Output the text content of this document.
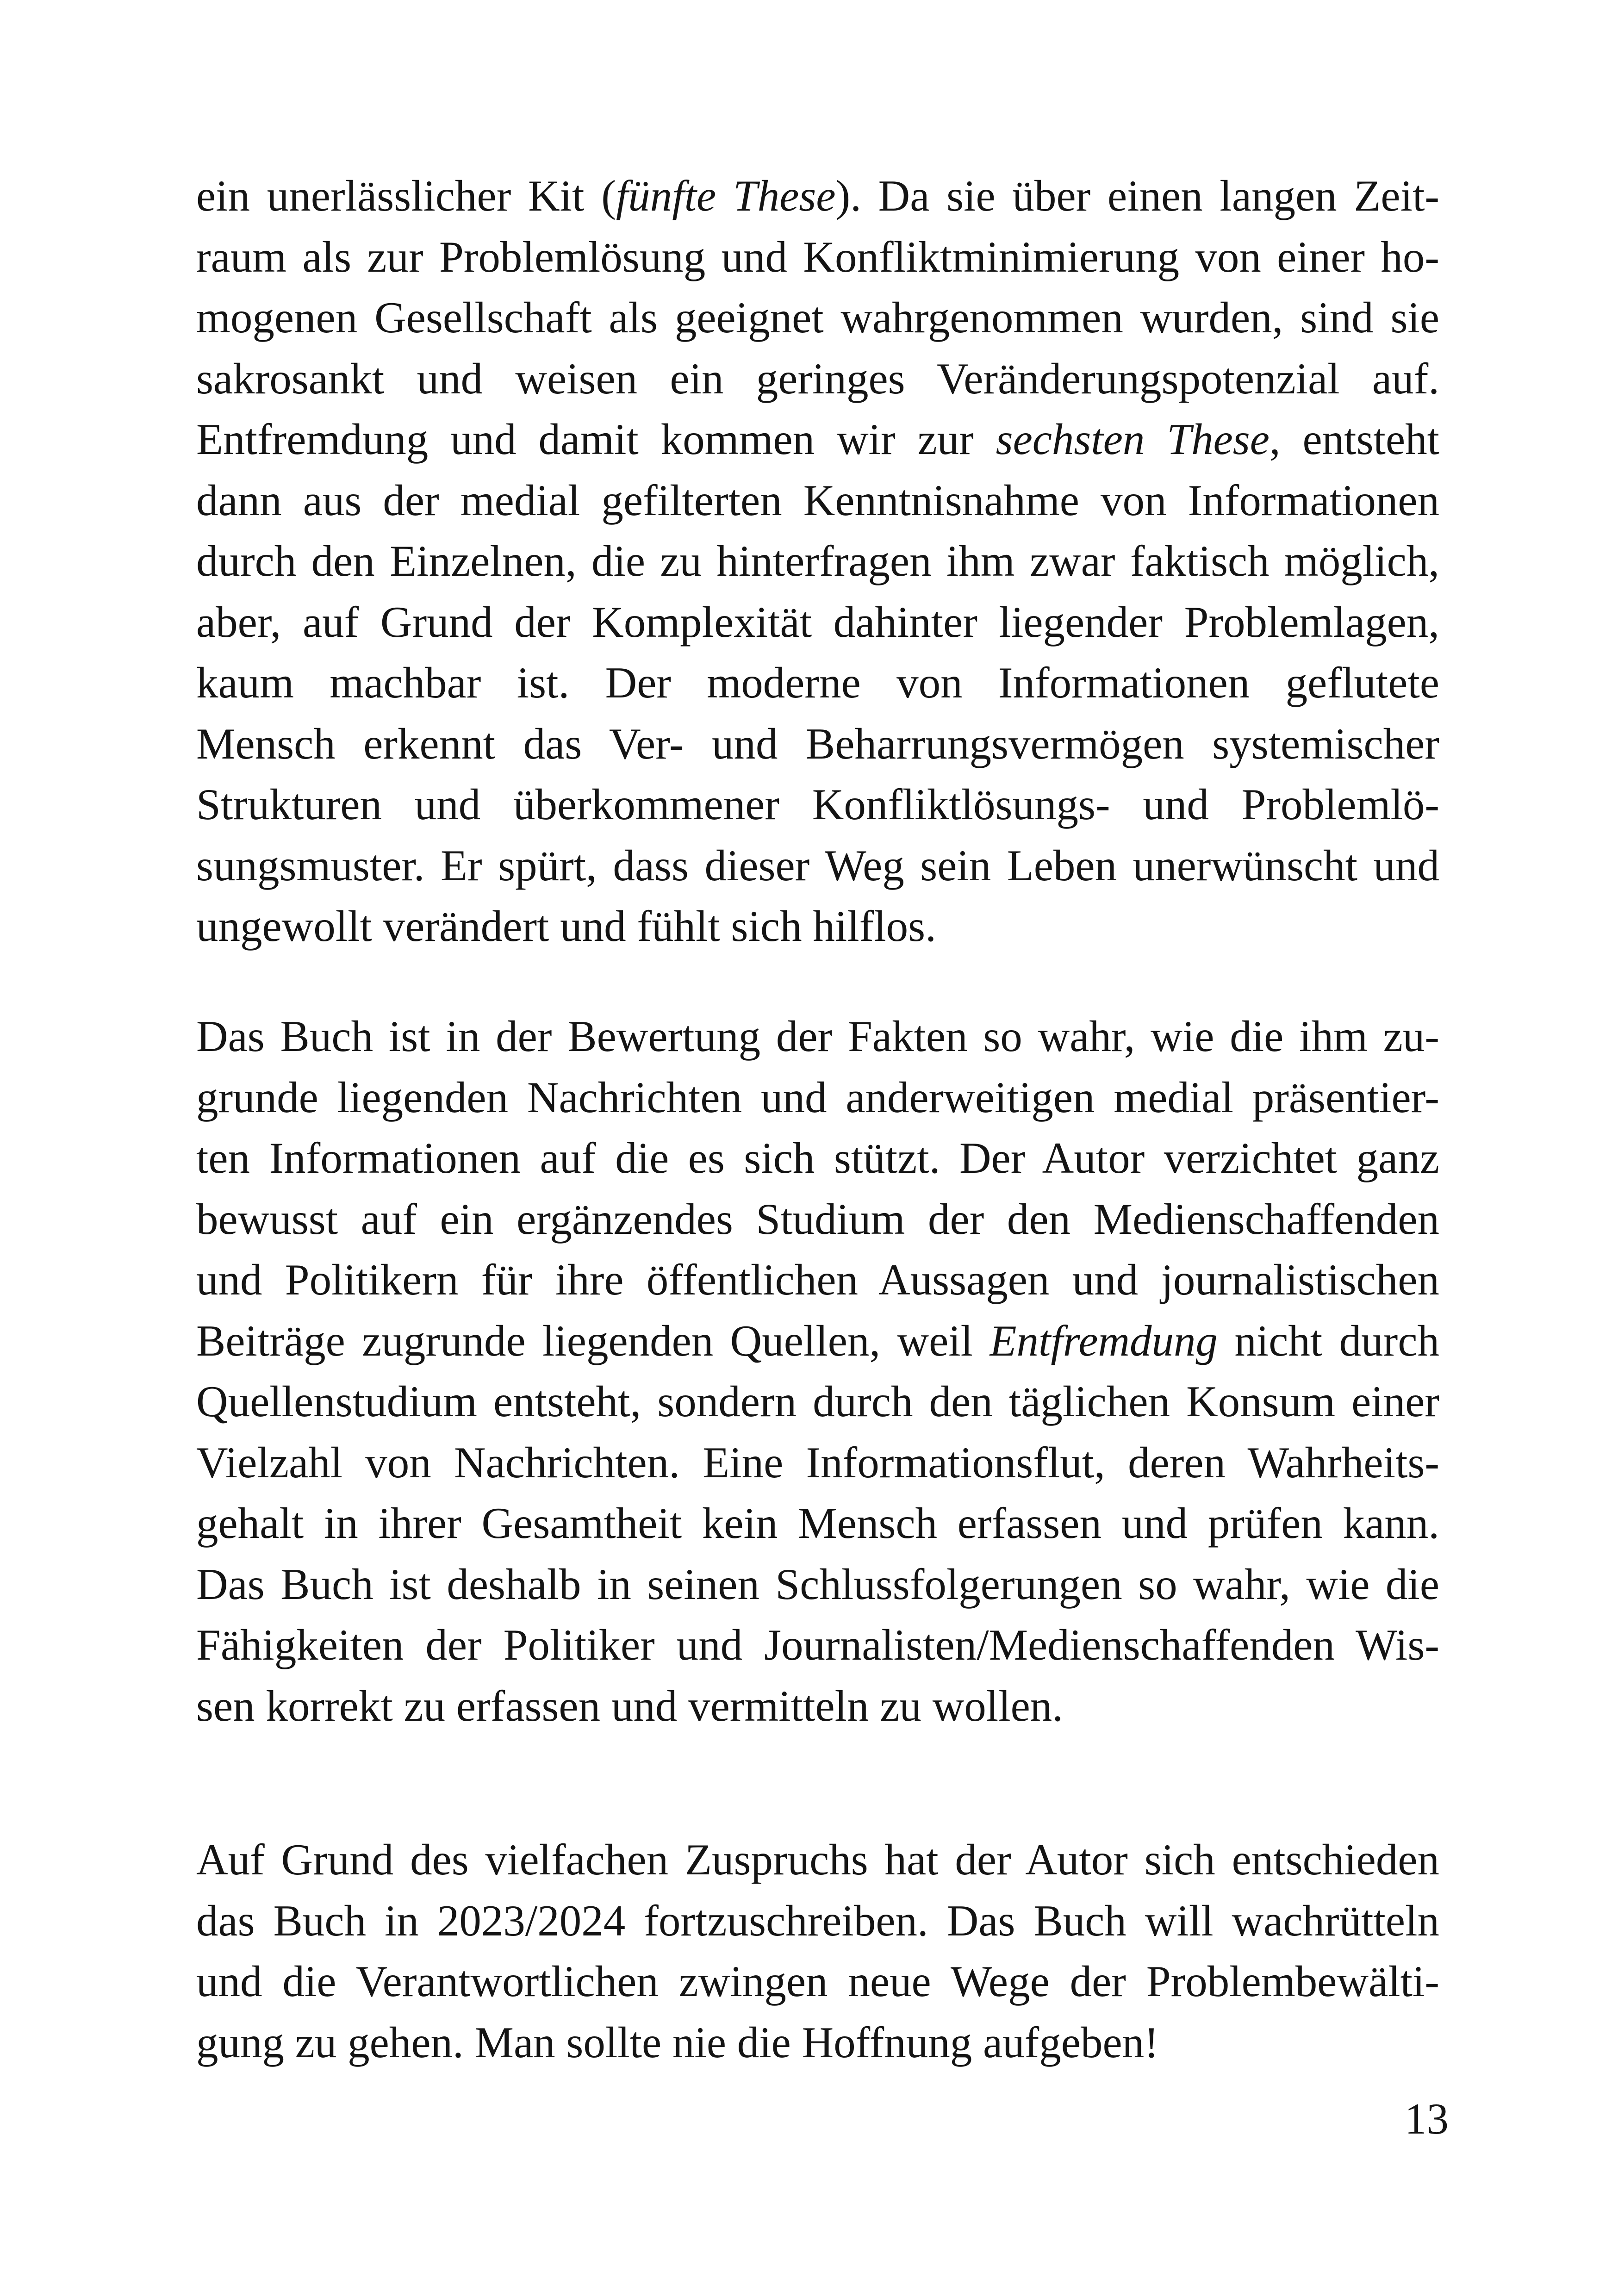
ein unerlässlicher Kit (fünfte These). Da sie über einen langen Zeit-
raum als zur Problemlösung und Konfliktminimierung von einer ho-
mogenen Gesellschaft als geeignet wahrgenommen wurden, sind sie
sakrosankt und weisen ein geringes Veränderungspotenzial auf.
Entfremdung und damit kommen wir zur sechsten These, entsteht
dann aus der medial gefilterten Kenntnisnahme von Informationen
durch den Einzelnen, die zu hinterfragen ihm zwar faktisch möglich,
aber, auf Grund der Komplexität dahinter liegender Problemlagen,
kaum machbar ist. Der moderne von Informationen geflutete
Mensch erkennt das Ver- und Beharrungsvermögen systemischer
Strukturen und überkommener Konfliktlösungs- und Problemlö-
sungsmuster. Er spürt, dass dieser Weg sein Leben unerwünscht und
ungewollt verändert und fühlt sich hilflos.
Das Buch ist in der Bewertung der Fakten so wahr, wie die ihm zu-
grunde liegenden Nachrichten und anderweitigen medial präsentier-
ten Informationen auf die es sich stützt. Der Autor verzichtet ganz
bewusst auf ein ergänzendes Studium der den Medienschaffenden
und Politikern für ihre öffentlichen Aussagen und journalistischen
Beiträge zugrunde liegenden Quellen, weil Entfremdung nicht durch
Quellenstudium entsteht, sondern durch den täglichen Konsum einer
Vielzahl von Nachrichten. Eine Informationsflut, deren Wahrheits-
gehalt in ihrer Gesamtheit kein Mensch erfassen und prüfen kann.
Das Buch ist deshalb in seinen Schlussfolgerungen so wahr, wie die
Fähigkeiten der Politiker und Journalisten/Medienschaffenden Wis-
sen korrekt zu erfassen und vermitteln zu wollen.
Auf Grund des vielfachen Zuspruchs hat der Autor sich entschieden
das Buch in 2023/2024 fortzuschreiben. Das Buch will wachrütteln
und die Verantwortlichen zwingen neue Wege der Problembewälti-
gung zu gehen. Man sollte nie die Hoffnung aufgeben!
13
